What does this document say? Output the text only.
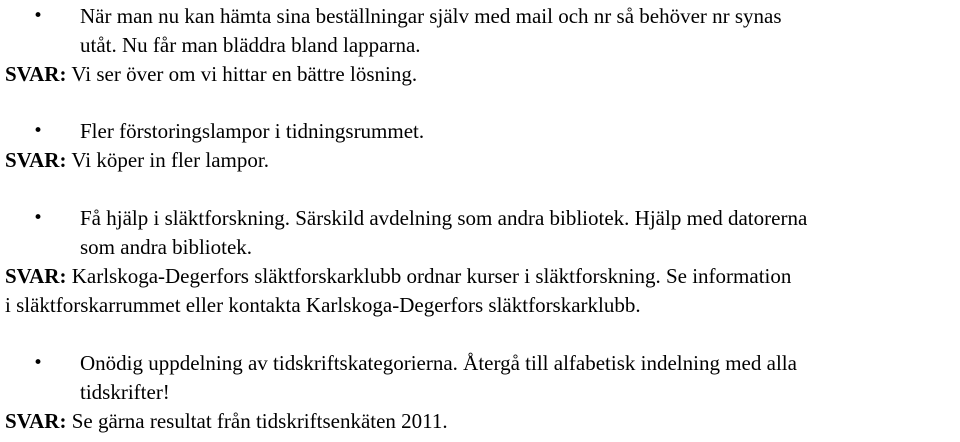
• När man nu kan hämta sina beställningar själv med mail och nr så behöver nr synas
utåt. Nu får man bläddra bland lapparna.
SVAR: Vi ser över om vi hittar en bättre lösning.
• Fler förstoringslampor i tidningsrummet.
SVAR: Vi köper in fler lampor.
• Få hjälp i släktforskning. Särskild avdelning som andra bibliotek. Hjälp med datorerna
som andra bibliotek.
SVAR: Karlskoga-Degerfors släktforskarklubb ordnar kurser i släktforskning. Se information
i släktforskarrummet eller kontakta Karlskoga-Degerfors släktforskarklubb.
• Onödig uppdelning av tidskriftskategorierna. Återgå till alfabetisk indelning med alla
tidskrifter!
SVAR: Se gärna resultat från tidskriftsenkäten 2011.
